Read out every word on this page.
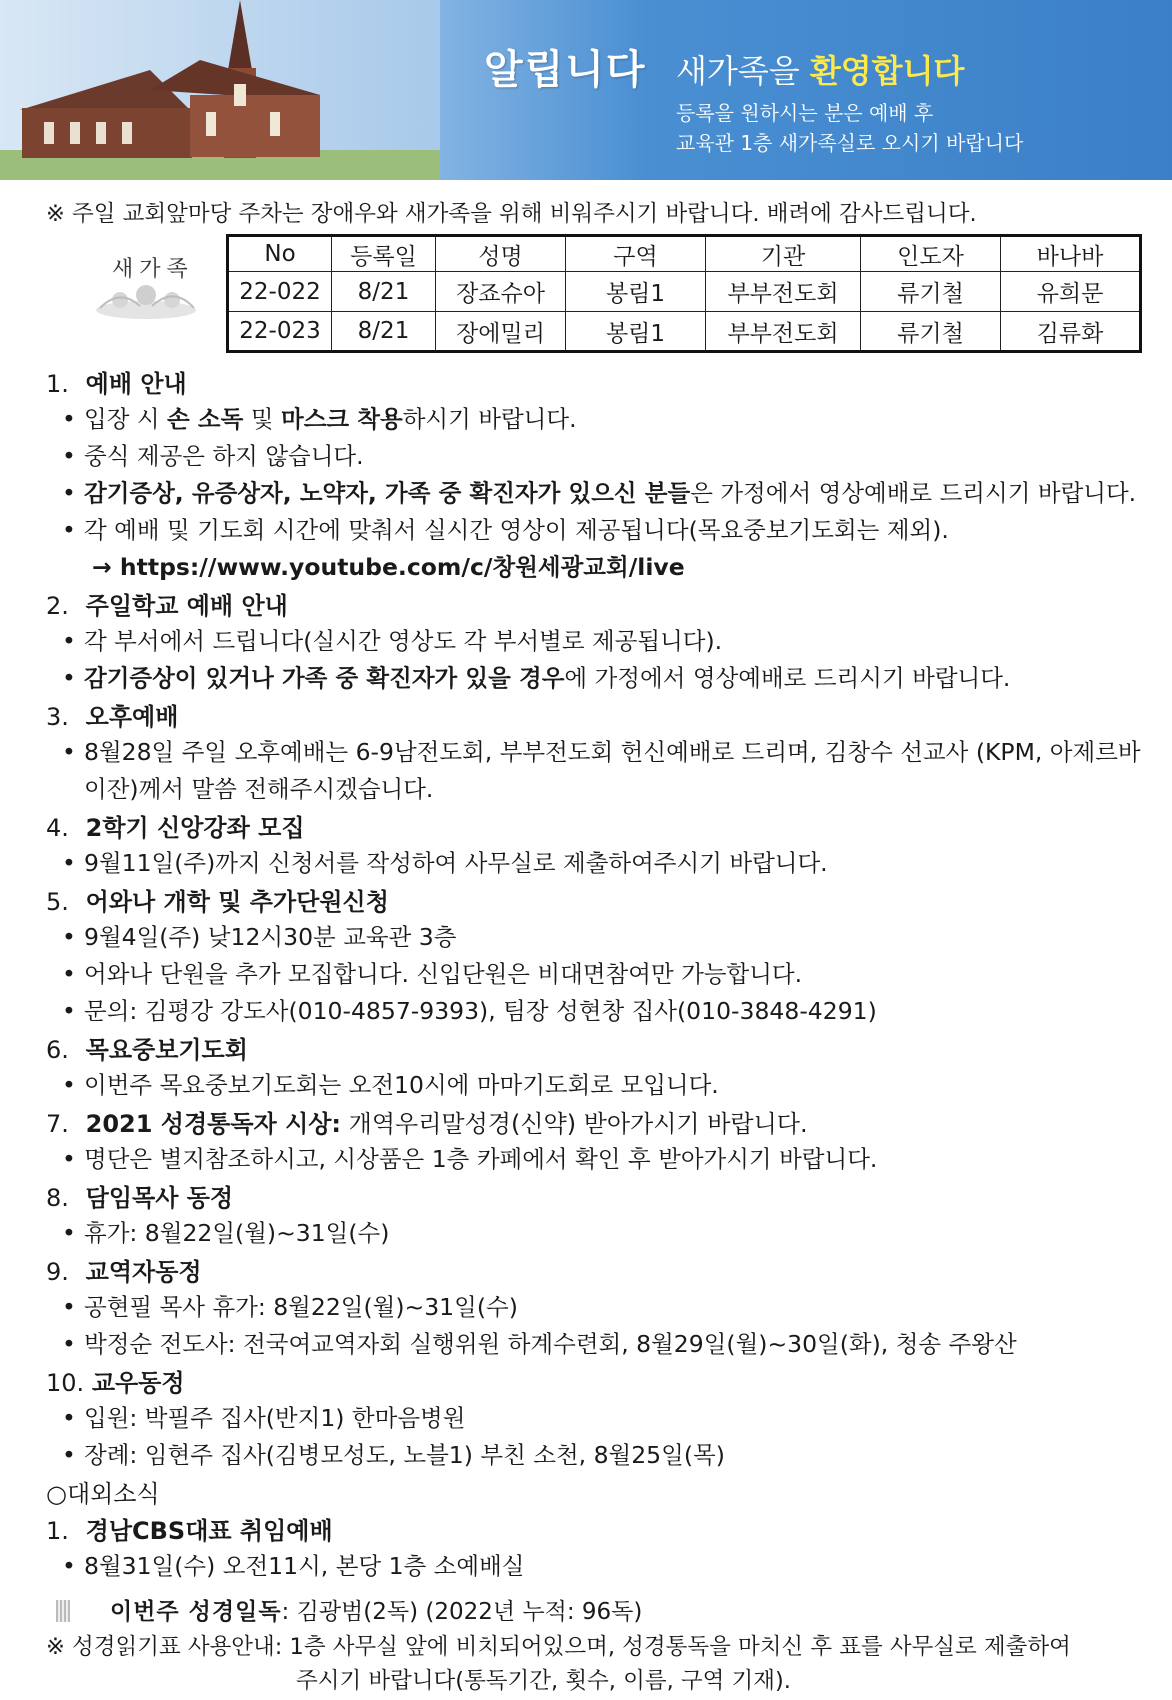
알립니다 새가족을 환영합니다
등록을 원하시는 분은 예배 후
교육관 1층 새가족실로 오시기 바랍니다
※ 주일 교회앞마당 주차는 장애우와 새가족을 위해 비워주시기 바랍니다. 배려에 감사드립니다.
새가족
No	등록일	성명	구역	기관	인도자	바나바
22-022	8/21	장죠슈아	봉림1	부부전도회	류기철	유희문
22-023	8/21	장에밀리	봉림1	부부전도회	류기철	김류화
1. 예배 안내
• 입장 시 손 소독 및 마스크 착용하시기 바랍니다.
• 중식 제공은 하지 않습니다.
• 감기증상, 유증상자, 노약자, 가족 중 확진자가 있으신 분들은 가정에서 영상예배로 드리시기 바랍니다.
• 각 예배 및 기도회 시간에 맞춰서 실시간 영상이 제공됩니다(목요중보기도회는 제외).
→ https://www.youtube.com/c/창원세광교회/live
2. 주일학교 예배 안내
• 각 부서에서 드립니다(실시간 영상도 각 부서별로 제공됩니다).
• 감기증상이 있거나 가족 중 확진자가 있을 경우에 가정에서 영상예배로 드리시기 바랍니다.
3. 오후예배
• 8월28일 주일 오후예배는 6-9남전도회, 부부전도회 헌신예배로 드리며, 김창수 선교사 (KPM, 아제르바이잔)께서 말씀 전해주시겠습니다.
4. 2학기 신앙강좌 모집
• 9월11일(주)까지 신청서를 작성하여 사무실로 제출하여주시기 바랍니다.
5. 어와나 개학 및 추가단원신청
• 9월4일(주) 낮12시30분 교육관 3층
• 어와나 단원을 추가 모집합니다. 신입단원은 비대면참여만 가능합니다.
• 문의: 김평강 강도사(010-4857-9393), 팀장 성현창 집사(010-3848-4291)
6. 목요중보기도회
• 이번주 목요중보기도회는 오전10시에 마마기도회로 모입니다.
7. 2021 성경통독자 시상: 개역우리말성경(신약) 받아가시기 바랍니다.
• 명단은 별지참조하시고, 시상품은 1층 카페에서 확인 후 받아가시기 바랍니다.
8. 담임목사 동정
• 휴가: 8월22일(월)~31일(수)
9. 교역자동정
• 공현필 목사 휴가: 8월22일(월)~31일(수)
• 박정순 전도사: 전국여교역자회 실행위원 하계수련회, 8월29일(월)~30일(화), 청송 주왕산
10. 교우동정
• 입원: 박필주 집사(반지1) 한마음병원
• 장례: 임현주 집사(김병모성도, 노블1) 부친 소천, 8월25일(목)
○대외소식
1. 경남CBS대표 취임예배
• 8월31일(수) 오전11시, 본당 1층 소예배실
이번주 성경일독: 김광범(2독) (2022년 누적: 96독)
※ 성경읽기표 사용안내: 1층 사무실 앞에 비치되어있으며, 성경통독을 마치신 후 표를 사무실로 제출하여
주시기 바랍니다(통독기간, 횟수, 이름, 구역 기재).
